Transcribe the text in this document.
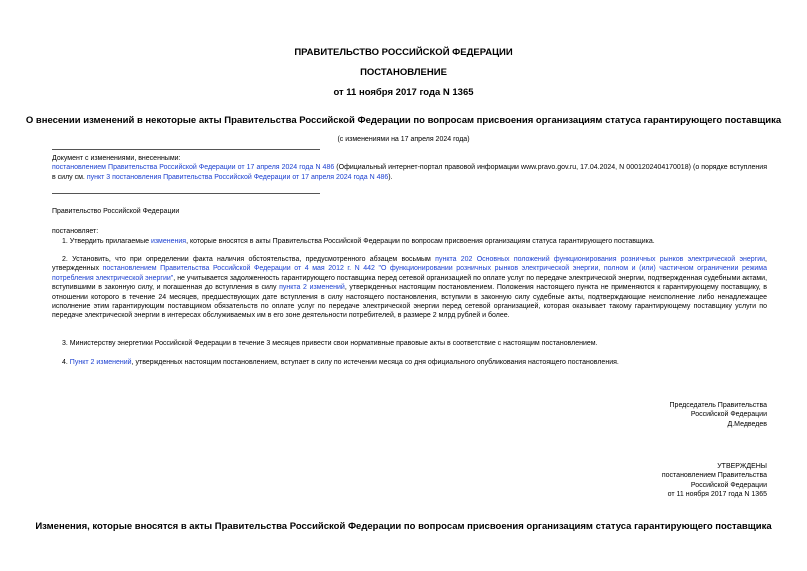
ПРАВИТЕЛЬСТВО РОССИЙСКОЙ ФЕДЕРАЦИИ
ПОСТАНОВЛЕНИЕ
от 11 ноября 2017 года N 1365
О внесении изменений в некоторые акты Правительства Российской Федерации по вопросам присвоения организациям статуса гарантирующего поставщика
(с изменениями на 17 апреля 2024 года)
Документ с изменениями, внесенными:
постановлением Правительства Российской Федерации от 17 апреля 2024 года N 486 (Официальный интернет-портал правовой информации www.pravo.gov.ru, 17.04.2024, N 0001202404170018) (о порядке вступления в силу см. пункт 3 постановления Правительства Российской Федерации от 17 апреля 2024 года N 486).
Правительство Российской Федерации
постановляет:
1. Утвердить прилагаемые изменения, которые вносятся в акты Правительства Российской Федерации по вопросам присвоения организациям статуса гарантирующего поставщика.
2. Установить, что при определении факта наличия обстоятельства, предусмотренного абзацем восьмым пункта 202 Основных положений функционирования розничных рынков электрической энергии, утвержденных постановлением Правительства Российской Федерации от 4 мая 2012 г. N 442 "О функционировании розничных рынков электрической энергии, полном и (или) частичном ограничении режима потребления электрической энергии", не учитывается задолженность гарантирующего поставщика перед сетевой организацией по оплате услуг по передаче электрической энергии, подтвержденная судебными актами, вступившими в законную силу, и погашенная до вступления в силу пункта 2 изменений, утвержденных настоящим постановлением. Положения настоящего пункта не применяются к гарантирующему поставщику, в отношении которого в течение 24 месяцев, предшествующих дате вступления в силу настоящего постановления, вступили в законную силу судебные акты, подтверждающие неисполнение либо ненадлежащее исполнение этим гарантирующим поставщиком обязательств по оплате услуг по передаче электрической энергии перед сетевой организацией, которая оказывает такому гарантирующему поставщику услуги по передаче электрической энергии в интересах обслуживаемых им в его зоне деятельности потребителей, в размере 2 млрд рублей и более.
3. Министерству энергетики Российской Федерации в течение 3 месяцев привести свои нормативные правовые акты в соответствие с настоящим постановлением.
4. Пункт 2 изменений, утвержденных настоящим постановлением, вступает в силу по истечении месяца со дня официального опубликования настоящего постановления.
Председатель Правительства
Российской Федерации
Д.Медведев
УТВЕРЖДЕНЫ
постановлением Правительства
Российской Федерации
от 11 ноября 2017 года N 1365
Изменения, которые вносятся в акты Правительства Российской Федерации по вопросам присвоения организациям статуса гарантирующего поставщика
